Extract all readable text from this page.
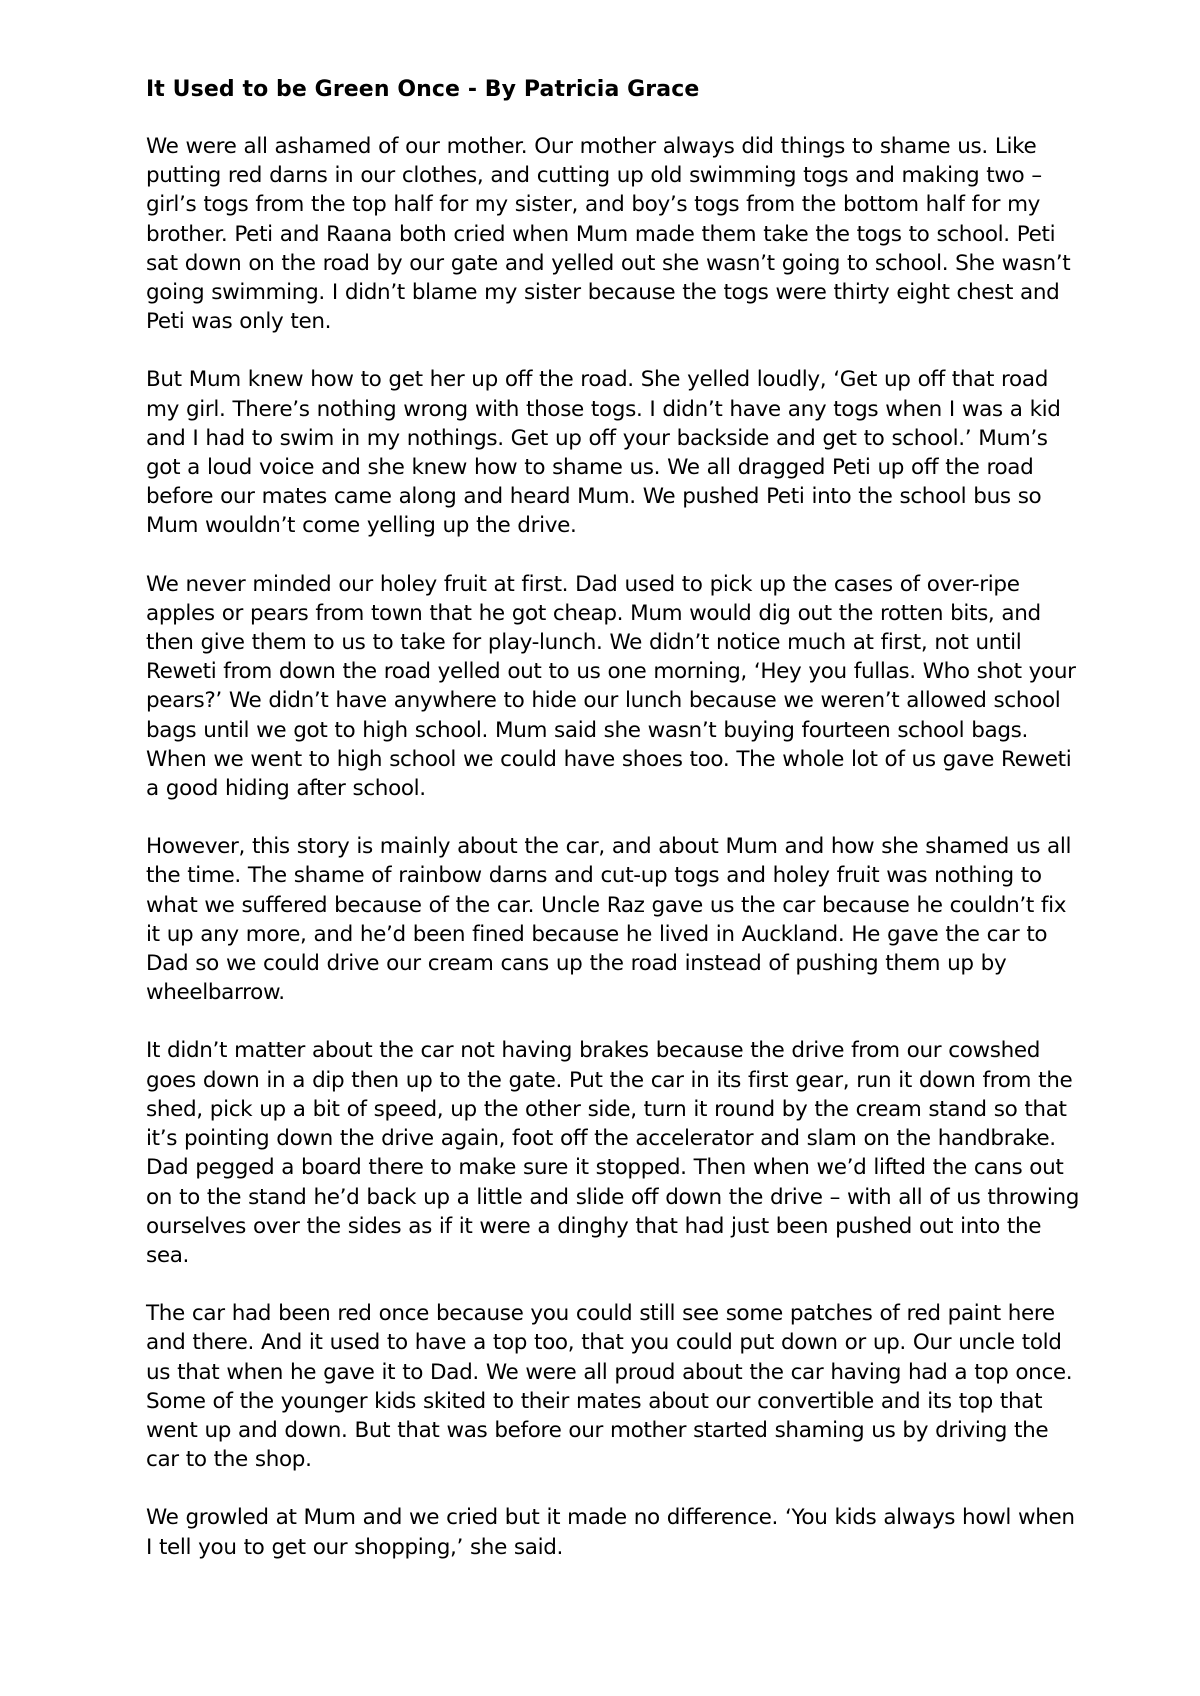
It Used to be Green Once - By Patricia Grace

We were all ashamed of our mother. Our mother always did things to shame us. Like putting red darns in our clothes, and cutting up old swimming togs and making two – girl’s togs from the top half for my sister, and boy’s togs from the bottom half for my brother. Peti and Raana both cried when Mum made them take the togs to school. Peti sat down on the road by our gate and yelled out she wasn’t going to school. She wasn’t going swimming. I didn’t blame my sister because the togs were thirty eight chest and Peti was only ten.

But Mum knew how to get her up off the road. She yelled loudly, ‘Get up off that road my girl. There’s nothing wrong with those togs. I didn’t have any togs when I was a kid and I had to swim in my nothings. Get up off your backside and get to school.’ Mum’s got a loud voice and she knew how to shame us. We all dragged Peti up off the road before our mates came along and heard Mum. We pushed Peti into the school bus so Mum wouldn’t come yelling up the drive.

We never minded our holey fruit at first. Dad used to pick up the cases of over-ripe apples or pears from town that he got cheap. Mum would dig out the rotten bits, and then give them to us to take for play-lunch. We didn’t notice much at first, not until Reweti from down the road yelled out to us one morning, ‘Hey you fullas. Who shot your pears?’ We didn’t have anywhere to hide our lunch because we weren’t allowed school bags until we got to high school. Mum said she wasn’t buying fourteen school bags. When we went to high school we could have shoes too. The whole lot of us gave Reweti a good hiding after school.

However, this story is mainly about the car, and about Mum and how she shamed us all the time. The shame of rainbow darns and cut-up togs and holey fruit was nothing to what we suffered because of the car. Uncle Raz gave us the car because he couldn’t fix it up any more, and he’d been fined because he lived in Auckland. He gave the car to Dad so we could drive our cream cans up the road instead of pushing them up by wheelbarrow.

It didn’t matter about the car not having brakes because the drive from our cowshed goes down in a dip then up to the gate. Put the car in its first gear, run it down from the shed, pick up a bit of speed, up the other side, turn it round by the cream stand so that it’s pointing down the drive again, foot off the accelerator and slam on the handbrake. Dad pegged a board there to make sure it stopped. Then when we’d lifted the cans out on to the stand he’d back up a little and slide off down the drive – with all of us throwing ourselves over the sides as if it were a dinghy that had just been pushed out into the sea.

The car had been red once because you could still see some patches of red paint here and there. And it used to have a top too, that you could put down or up. Our uncle told us that when he gave it to Dad. We were all proud about the car having had a top once. Some of the younger kids skited to their mates about our convertible and its top that went up and down. But that was before our mother started shaming us by driving the car to the shop.

We growled at Mum and we cried but it made no difference. ‘You kids always howl when I tell you to get our shopping,’ she said.
